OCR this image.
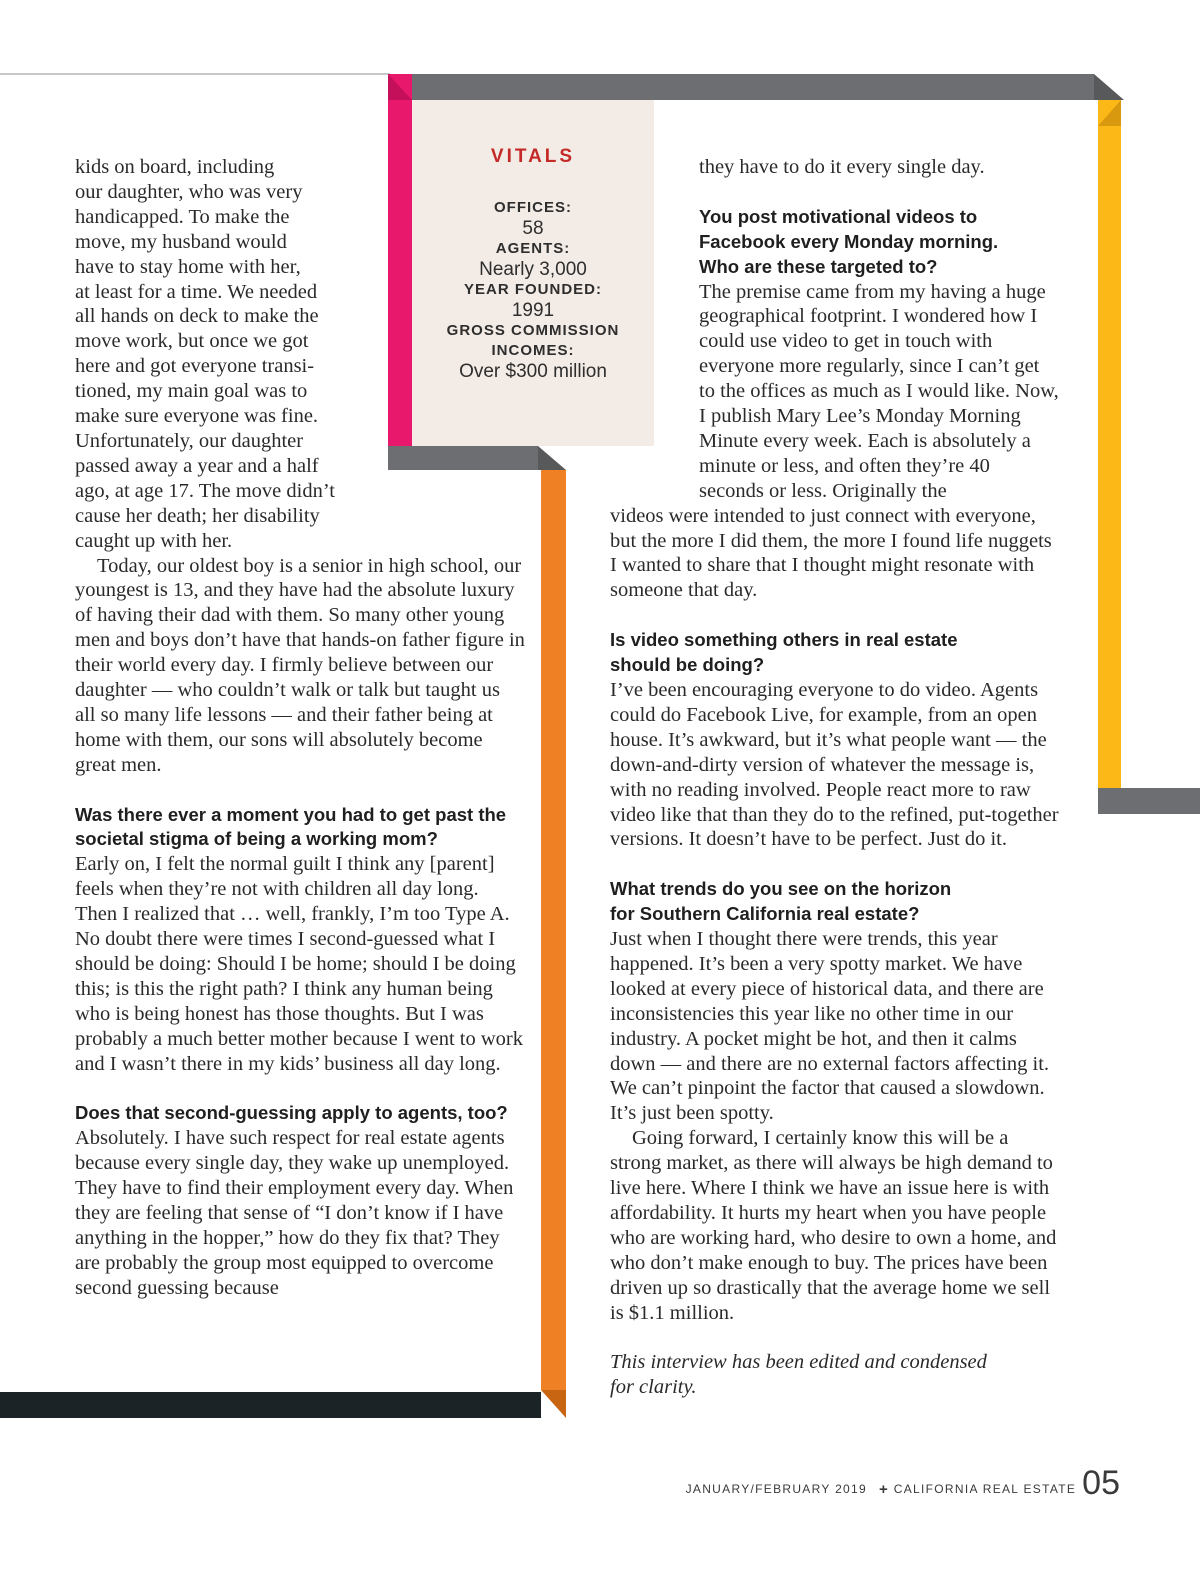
VITALS
OFFICES:
58
AGENTS:
Nearly 3,000
YEAR FOUNDED:
1991
GROSS COMMISSION INCOMES:
Over $300 million
kids on board, including
our daughter, who was very
handicapped. To make the
move, my husband would
have to stay home with her,
at least for a time. We needed
all hands on deck to make the
move work, but once we got
here and got everyone transi-
tioned, my main goal was to
make sure everyone was fine.
Unfortunately, our daughter
passed away a year and a half
ago, at age 17. The move didn’t
cause her death; her disability
caught up with her.

Today, our oldest boy is a senior in high school, our youngest is 13, and they have had the absolute luxury of having their dad with them. So many other young men and boys don’t have that hands-on father figure in their world every day. I firmly believe between our daughter — who couldn’t walk or talk but taught us all so many life lessons — and their father being at home with them, our sons will absolutely become great men.

Was there ever a moment you had to get past the societal stigma of being a working mom?

Early on, I felt the normal guilt I think any [parent] feels when they’re not with children all day long. Then I realized that … well, frankly, I’m too Type A. No doubt there were times I second-guessed what I should be doing: Should I be home; should I be doing this; is this the right path? I think any human being who is being honest has those thoughts. But I was probably a much better mother because I went to work and I wasn’t there in my kids’ business all day long.

Does that second-guessing apply to agents, too?

Absolutely. I have such respect for real estate agents because every single day, they wake up unemployed. They have to find their employment every day. When they are feeling that sense of “I don’t know if I have anything in the hopper,” how do they fix that? They are probably the group most equipped to overcome second guessing because

they have to do it every single day.

You post motivational videos to Facebook every Monday morning. Who are these targeted to?

The premise came from my having a huge geographical footprint. I wondered how I could use video to get in touch with everyone more regularly, since I can’t get to the offices as much as I would like. Now, I publish Mary Lee’s Monday Morning Minute every week. Each is absolutely a minute or less, and often they’re 40 seconds or less. Originally the

videos were intended to just connect with everyone, but the more I did them, the more I found life nuggets I wanted to share that I thought might resonate with someone that day.

Is video something others in real estate should be doing?

I’ve been encouraging everyone to do video. Agents could do Facebook Live, for example, from an open house. It’s awkward, but it’s what people want — the down-and-dirty version of whatever the message is, with no reading involved. People react more to raw video like that than they do to the refined, put-together versions. It doesn’t have to be perfect. Just do it.

What trends do you see on the horizon for Southern California real estate?

Just when I thought there were trends, this year happened. It’s been a very spotty market. We have looked at every piece of historical data, and there are inconsistencies this year like no other time in our industry. A pocket might be hot, and then it calms down — and there are no external factors affecting it. We can’t pinpoint the factor that caused a slowdown. It’s just been spotty.

Going forward, I certainly know this will be a strong market, as there will always be high demand to live here. Where I think we have an issue here is with affordability. It hurts my heart when you have people who are working hard, who desire to own a home, and who don’t make enough to buy. The prices have been driven up so drastically that the average home we sell is $1.1 million.

This interview has been edited and condensed for clarity.

JANUARY/FEBRUARY 2019 + CALIFORNIA REAL ESTATE 05
